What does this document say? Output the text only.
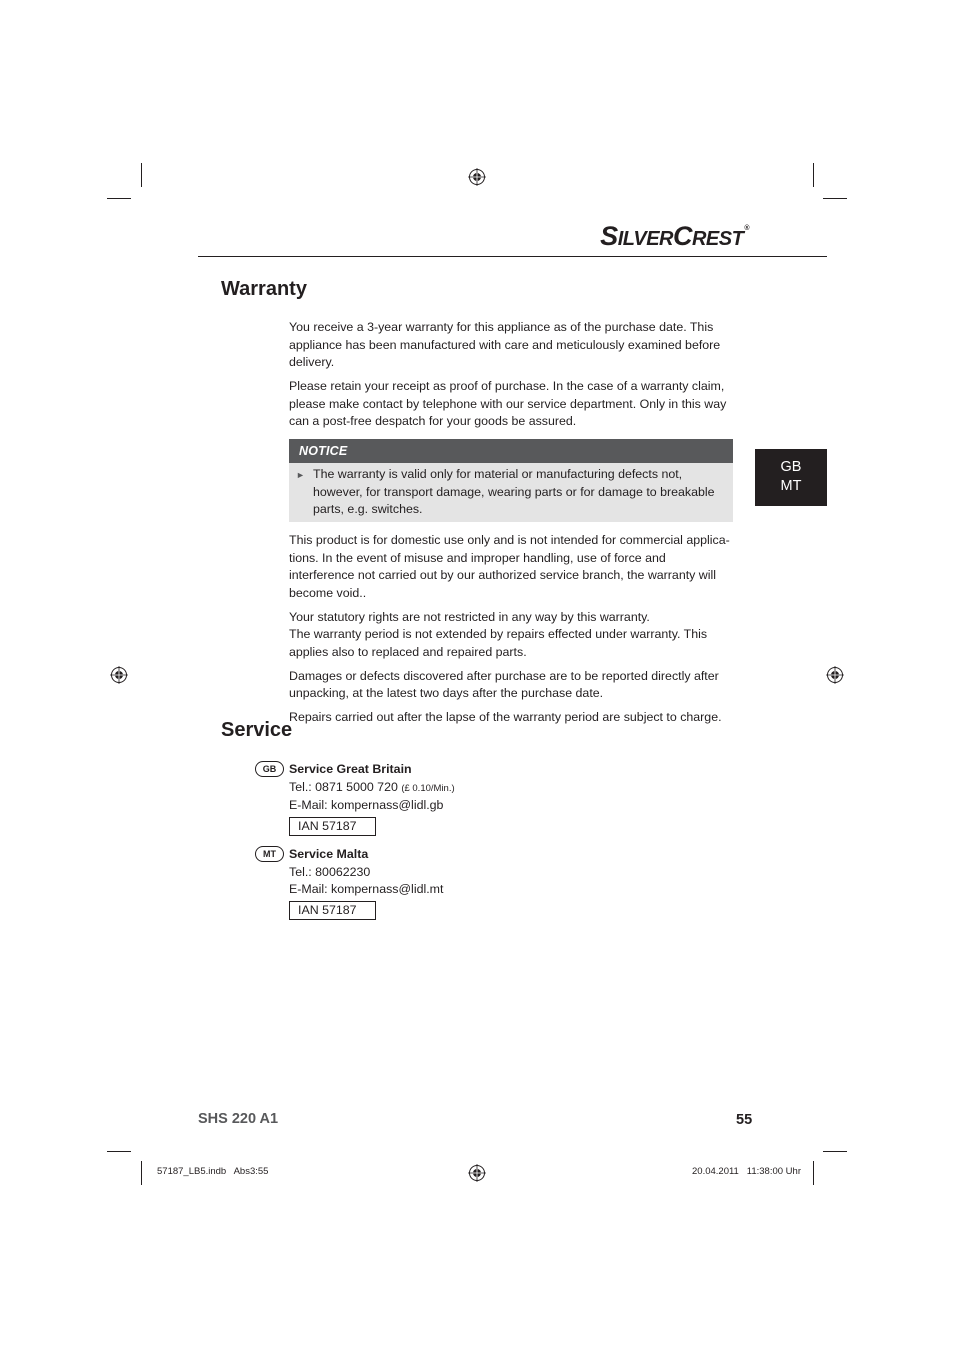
SILVERCREST®
Warranty

You receive a 3-year warranty for this appliance as of the purchase date. This appliance has been manufactured with care and meticulously examined before delivery.

Please retain your receipt as proof of purchase. In the case of a warranty claim, please make contact by telephone with our service department. Only in this way can a post-free despatch for your goods be assured.

NOTICE
► The warranty is valid only for material or manufacturing defects not, however, for transport damage, wearing parts or for damage to breakable parts, e.g. switches.
GB
MT

This product is for domestic use only and is not intended for commercial applica-tions. In the event of misuse and improper handling, use of force and interference not carried out by our authorized service branch, the warranty will become void..

Your statutory rights are not restricted in any way by this warranty.
The warranty period is not extended by repairs effected under warranty. This applies also to replaced and repaired parts.

Damages or defects discovered after purchase are to be reported directly after unpacking, at the latest two days after the purchase date.

Repairs carried out after the lapse of the warranty period are subject to charge.

Service
GB	Service Great Britain
Tel.: 0871 5000 720 (£ 0.10/Min.)
E-Mail: kompernass@lidl.gb
IAN 57187
MT	Service Malta
Tel.: 80062230
E-Mail: kompernass@lidl.mt
IAN 57187
SHS 220 A1	55
57187_LB5.indb   Abs3:55	20.04.2011   11:38:00 Uhr
